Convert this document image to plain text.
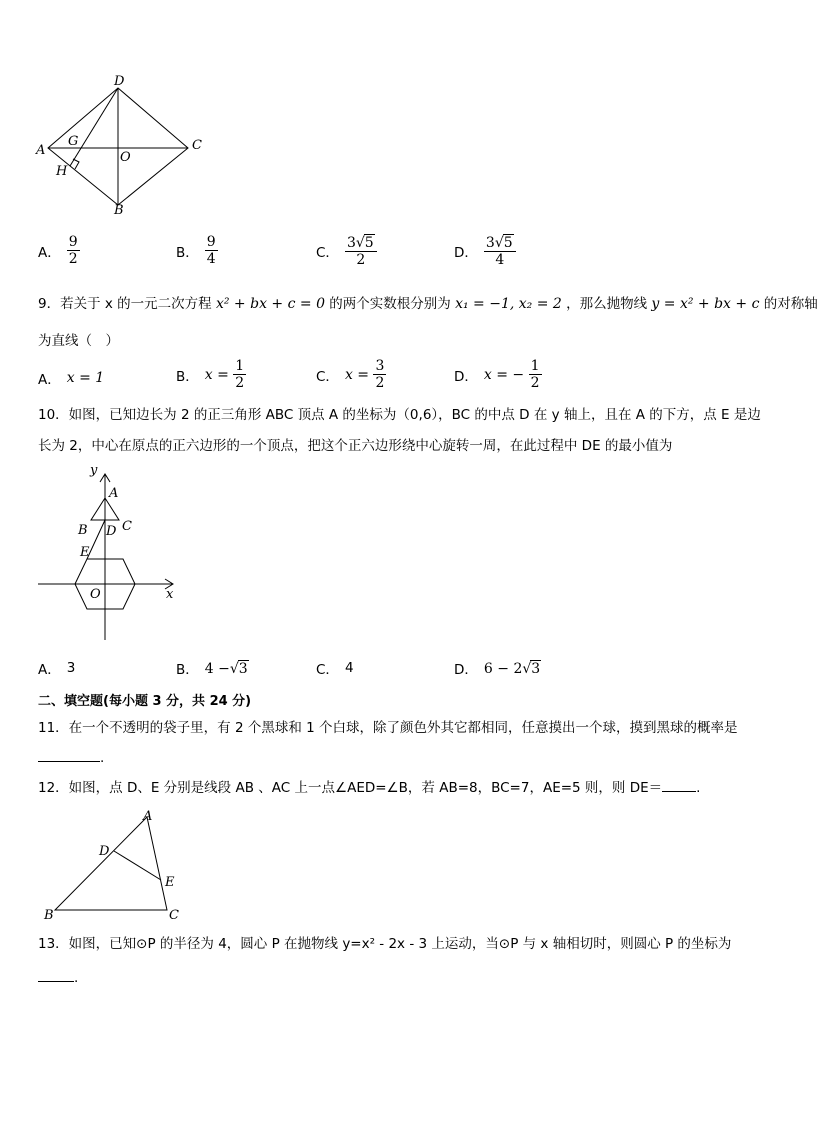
D
A	C
B
O
G
H
A． $\frac{9}{2}$	B． $\frac{9}{4}$	C． $\frac{3√5}{2}$	D． $\frac{3√5}{4}$
9．若关于 x 的一元二次方程 x² + bx + c = 0 的两个实数根分别为 x₁ = −1, x₂ = 2 ，那么抛物线 y = x² + bx + c 的对称轴
为直线（　）
A． x = 1	B． x =
$\frac{1}{2}$	C． x =
$\frac{3}{2}$	D． x = −
$\frac{1}{2}$
10．如图，已知边长为 2 的正三角形 ABC 顶点 A 的坐标为（0,6），BC 的中点 D 在 y 轴上，且在 A 的下方，点 E 是边
长为 2，中心在原点的正六边形的一个顶点，把这个正六边形绕中心旋转一周，在此过程中 DE 的最小值为
y
x
A
B D C
E
O
A． 3	B． 4 −√3	C． 4	D． 6 − 2√3
二、填空题(每小题 3 分，共 24 分)
11．在一个不透明的袋子里，有 2 个黑球和 1 个白球，除了颜色外其它都相同，任意摸出一个球，摸到黑球的概率是
.
12．如图，点 D、E 分别是线段 AB 、AC 上一点∠AED=∠B，若 AB=8，BC=7，AE=5 则，则 DE＝	.
A
D
E
B	C
13．如图，已知⊙P 的半径为 4，圆心 P 在抛物线 y=x² - 2x - 3 上运动，当⊙P 与 x 轴相切时，则圆心 P 的坐标为
.
